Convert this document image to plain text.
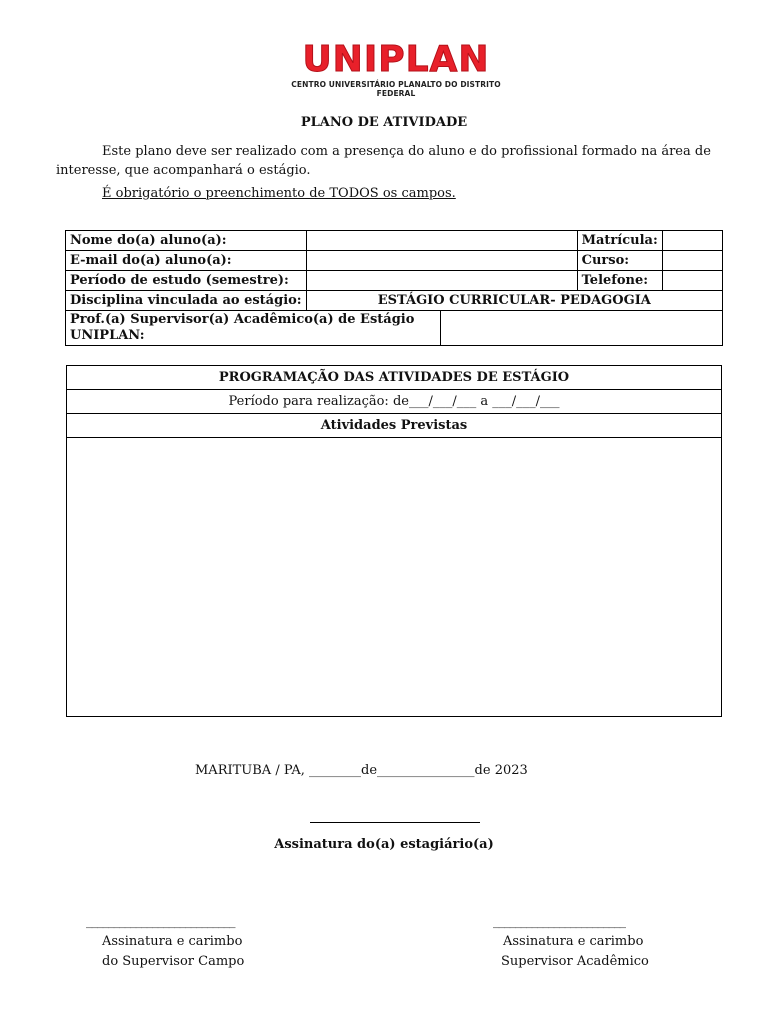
UNIPLAN
CENTRO UNIVERSITÁRIO PLANALTO DO DISTRITO FEDERAL
PLANO DE ATIVIDADE
Este plano deve ser realizado com a presença do aluno e do profissional formado na área de interesse, que acompanhará o estágio.
É obrigatório o preenchimento de TODOS os campos.
Nome do(a) aluno(a):		Matrícula:	
E-mail do(a) aluno(a):		Curso:	
Período de estudo (semestre):		Telefone:	
Disciplina vinculada ao estágio:	ESTÁGIO CURRICULAR- PEDAGOGIA		
Prof.(a) Supervisor(a) Acadêmico(a) de Estágio
UNIPLAN:

PROGRAMAÇÃO DAS ATIVIDADES DE ESTÁGIO
Período para realização: de___/___/___ a ___/___/___
Atividades Previstas
MARITUBA / PA, ________de_______________de 2023
Assinatura do(a) estagiário(a)
___________________________
Assinatura e carimbo
do Supervisor Campo
________________________
Assinatura e carimbo
Supervisor Acadêmico
